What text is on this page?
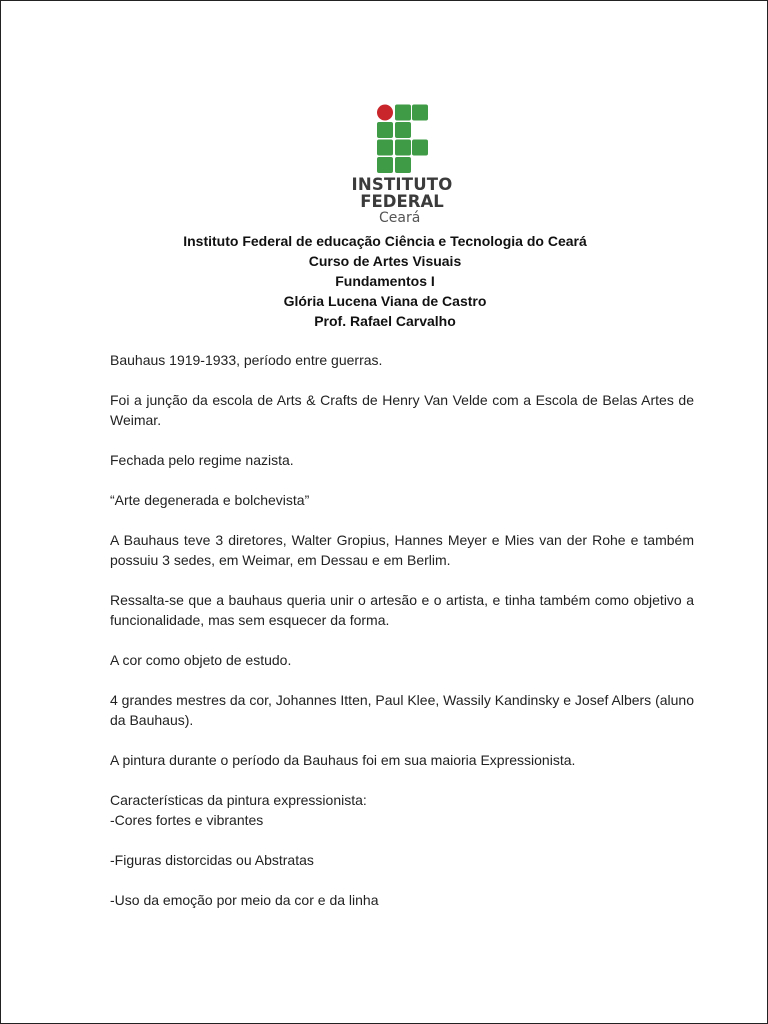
INSTITUTO
FEDERAL
Ceará
Instituto Federal de educação Ciência e Tecnologia do Ceará
Curso de Artes Visuais
Fundamentos I
Glória Lucena Viana de Castro
Prof. Rafael Carvalho

Bauhaus 1919-1933, período entre guerras.

Foi a junção da escola de Arts & Crafts de Henry Van Velde com a Escola de Belas Artes de Weimar.

Fechada pelo regime nazista.

“Arte degenerada e bolchevista”

A Bauhaus teve 3 diretores, Walter Gropius, Hannes Meyer e Mies van der Rohe e também possuiu 3 sedes, em Weimar, em Dessau e em Berlim.

Ressalta-se que a bauhaus queria unir o artesão e o artista, e tinha também como objetivo a funcionalidade, mas sem esquecer da forma.

A cor como objeto de estudo.

4 grandes mestres da cor, Johannes Itten, Paul Klee, Wassily Kandinsky e Josef Albers (aluno da Bauhaus).

A pintura durante o período da Bauhaus foi em sua maioria Expressionista.

Características da pintura expressionista:

-Cores fortes e vibrantes

-Figuras distorcidas ou Abstratas

-Uso da emoção por meio da cor e da linha
